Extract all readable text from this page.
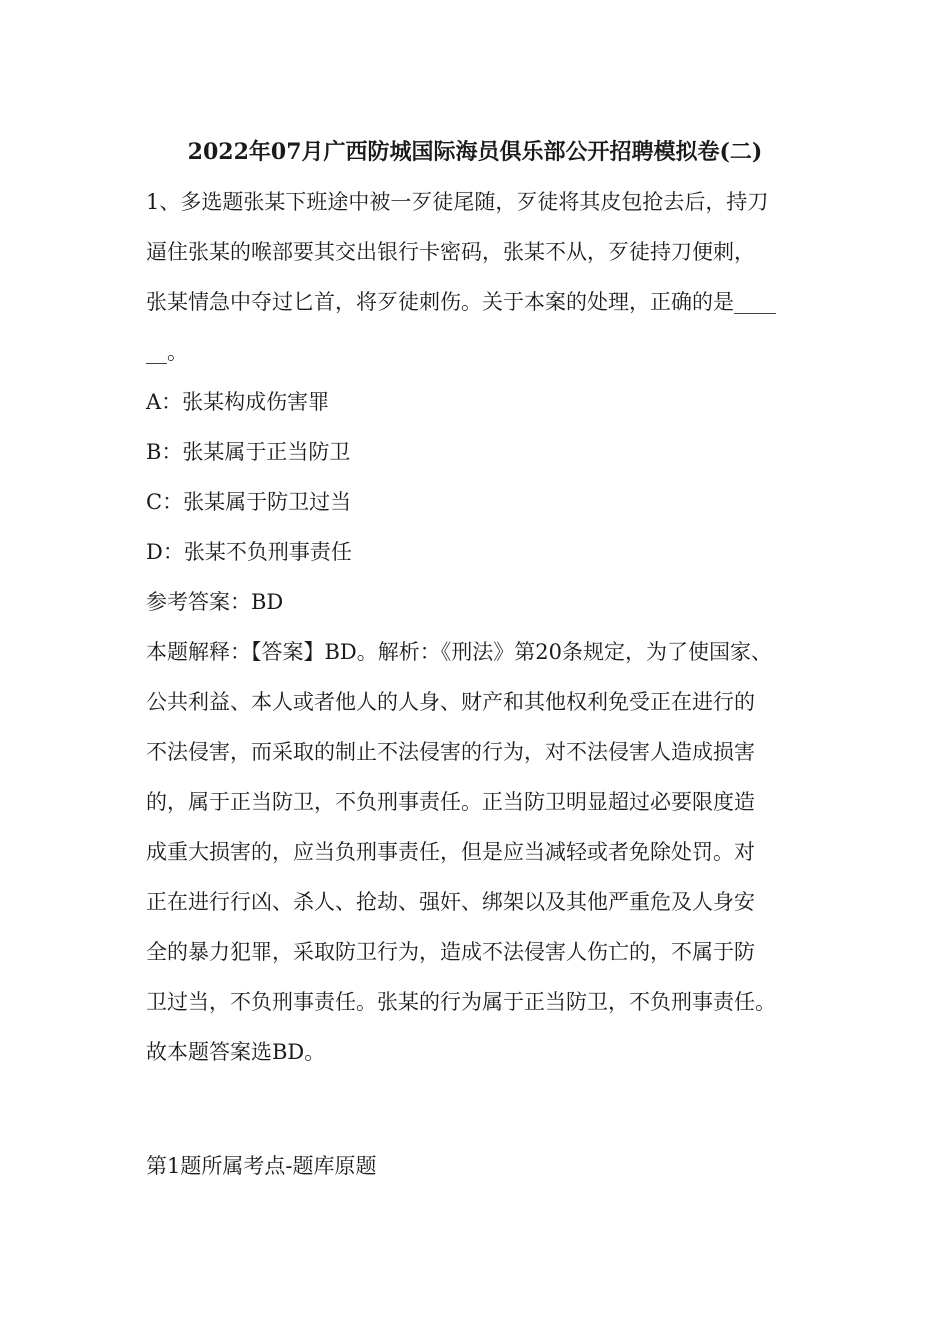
2022年07月广西防城国际海员俱乐部公开招聘模拟卷(二)
1、多选题张某下班途中被一歹徒尾随，歹徒将其皮包抢去后，持刀
逼住张某的喉部要其交出银行卡密码，张某不从，歹徒持刀便刺，
张某情急中夺过匕首，将歹徒刺伤。关于本案的处理，正确的是____
__。
A：张某构成伤害罪
B：张某属于正当防卫
C：张某属于防卫过当
D：张某不负刑事责任
参考答案：BD
本题解释：【答案】BD。解析：《刑法》第20条规定，为了使国家、
公共利益、本人或者他人的人身、财产和其他权利免受正在进行的
不法侵害，而采取的制止不法侵害的行为，对不法侵害人造成损害
的，属于正当防卫，不负刑事责任。正当防卫明显超过必要限度造
成重大损害的，应当负刑事责任，但是应当减轻或者免除处罚。对
正在进行行凶、杀人、抢劫、强奸、绑架以及其他严重危及人身安
全的暴力犯罪，采取防卫行为，造成不法侵害人伤亡的，不属于防
卫过当，不负刑事责任。张某的行为属于正当防卫，不负刑事责任。
故本题答案选BD。
第1题所属考点-题库原题
